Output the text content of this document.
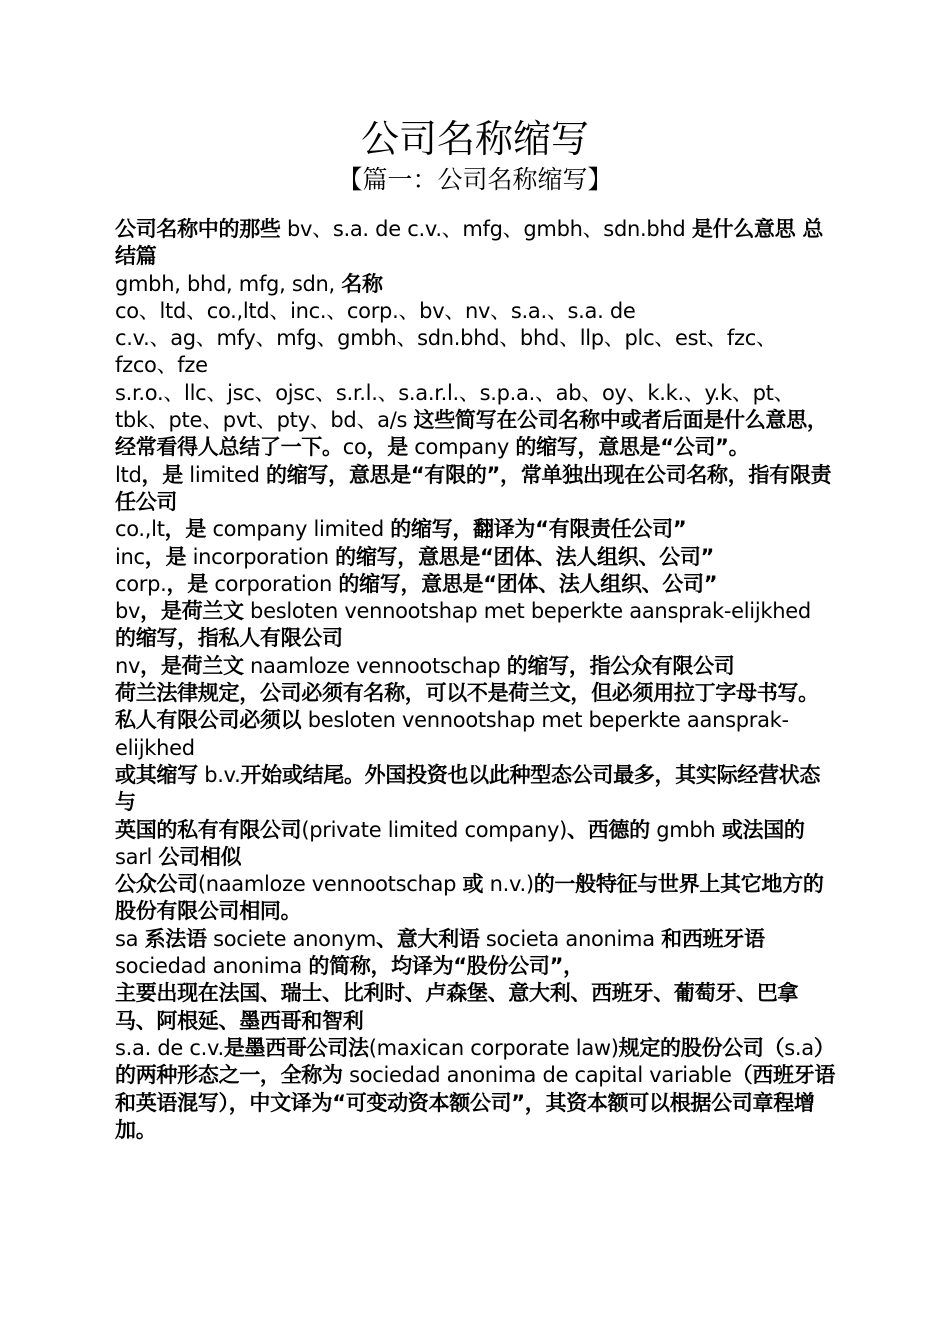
公司名称缩写
【篇一：公司名称缩写】

公司名称中的那些 bv、s.a. de c.v.、mfg、gmbh、sdn.bhd 是什么意思 总结篇

gmbh, bhd, mfg, sdn, 名称

co、ltd、co.,ltd、inc.、corp.、bv、nv、s.a.、s.a. de

c.v.、ag、mfy、mfg、gmbh、sdn.bhd、bhd、llp、plc、est、fzc、fzco、fze

s.r.o.、llc、jsc、ojsc、s.r.l.、s.a.r.l.、s.p.a.、ab、oy、k.k.、y.k、pt、tbk、pte、pvt、pty、bd、a/s 这些简写在公司名称中或者后面是什么意思，经常看得人总结了一下。co，是 company 的缩写，意思是“公司”。

ltd，是 limited 的缩写，意思是“有限的”，常单独出现在公司名称，指有限责任公司

co.,lt，是 company limited 的缩写，翻译为“有限责任公司”

inc，是 incorporation 的缩写，意思是“团体、法人组织、公司”

corp.，是 corporation 的缩写，意思是“团体、法人组织、公司”

bv，是荷兰文 besloten vennootshap met beperkte aansprak-elijkhed 的缩写，指私人有限公司

nv，是荷兰文 naamloze vennootschap 的缩写，指公众有限公司

荷兰法律规定，公司必须有名称，可以不是荷兰文，但必须用拉丁字母书写。

私人有限公司必须以 besloten vennootshap met beperkte aansprak-elijkhed

或其缩写 b.v.开始或结尾。外国投资也以此种型态公司最多，其实际经营状态与

英国的私有有限公司(private limited company)、西德的 gmbh 或法国的 sarl 公司相似

公众公司(naamloze vennootschap 或 n.v.)的一般特征与世界上其它地方的股份有限公司相同。

sa 系法语 societe anonym、意大利语 societa anonima 和西班牙语 sociedad anonima 的简称，均译为“股份公司”，

主要出现在法国、瑞士、比利时、卢森堡、意大利、西班牙、葡萄牙、巴拿马、阿根延、墨西哥和智利

s.a. de c.v.是墨西哥公司法(maxican corporate law)规定的股份公司（s.a）的两种形态之一，全称为 sociedad anonima de capital variable（西班牙语和英语混写），中文译为“可变动资本额公司”，其资本额可以根据公司章程增加。
